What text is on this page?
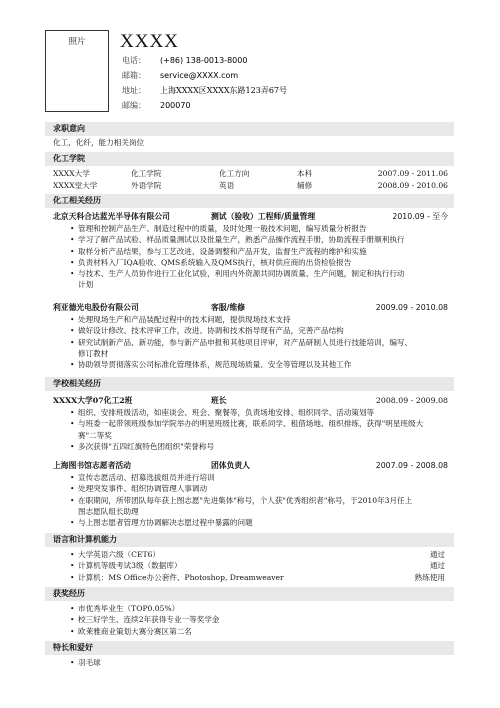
照片	XXXX
电话：	(+86) 138-0013-8000
邮箱：	service@XXXX.com
地址：	上海XXXX区XXXX东路123弄67号
邮编：	200070
求职意向
化工，化纤，能力相关岗位
化工学院
XXXX大学	化工学院	化工方向	本科	2007.09 - 2011.06
XXXX堂大学	外语学院	英语	辅修	2008.09 - 2010.06
化工相关经历
北京天科合达蓝光半导体有限公司	测试（验收）工程师/质量管理	2010.09 - 至今
• 管理和控制产品生产、制造过程中的质量，及时处理一般技术问题，编写质量分析报告
• 学习了解产品试验、样品质量测试以及批量生产，熟悉产品操作流程手册，协助流程手册顺利执行
• 取样分析产品结果，参与工艺改进、设备调整和产品开发，监督生产流程的维护和实施
• 负责材料入厂IQA验收、QMS系统输入及QMS执行，核对供应商的出货检验报告
• 与技术、生产人员协作进行工业化试验，利用内外资源共同协调质量、生产问题，制定和执行行动
计划
利亚德光电股份有限公司	客服/维修	2009.09 - 2010.08
• 处理现场生产和产品装配过程中的技术问题，提供现场技术支持
• 做好设计修改、技术评审工作，改进、协调和技术指导现有产品，完善产品结构
• 研究试制新产品、新功能，参与新产品申报和其他项目评审，对产品研制人员进行技能培训，编写、
修订教材
• 协助领导贯彻落实公司标准化管理体系，规范现场质量、安全等管理以及其他工作
学校相关经历
XXXX大学07化工2班	班长	2008.09 - 2009.08
• 组织、安排班级活动，如座谈会、班会、聚餐等，负责场地安排、组织同学、活动策划等
• 与班委一起带领班级参加学院举办的明星班级比赛，联系同学、租借场地、组织排练，获得"明星班级大
赛"二等奖
• 多次获得"五四红旗特色团组织"荣誉称号
上海图书馆志愿者活动	团体负责人	2007.09 - 2008.08
• 宣传志愿活动、招募选拔组员并进行培训
• 处理突发事件、组织协调管理人事调动
• 在职期间，所带团队每年获上图志愿"先进集体"称号，个人获"优秀组织者"称号，于2010年3月任上
图志愿队组长助理
• 与上图志愿者管理方协调解决志愿过程中暴露的问题
语言和计算机能力
• 大学英语六级（CET6）	通过
• 计算机等级考试3级（数据库）	通过
• 计算机：MS Office办公套件、Photoshop, Dreamweaver	熟练使用
获奖经历
• 市优秀毕业生（TOP0.05%）
• 校三好学生、连续2年获得专业一等奖学金
• 欧莱雅商业策划大赛分赛区第二名
特长和爱好
• 羽毛球
